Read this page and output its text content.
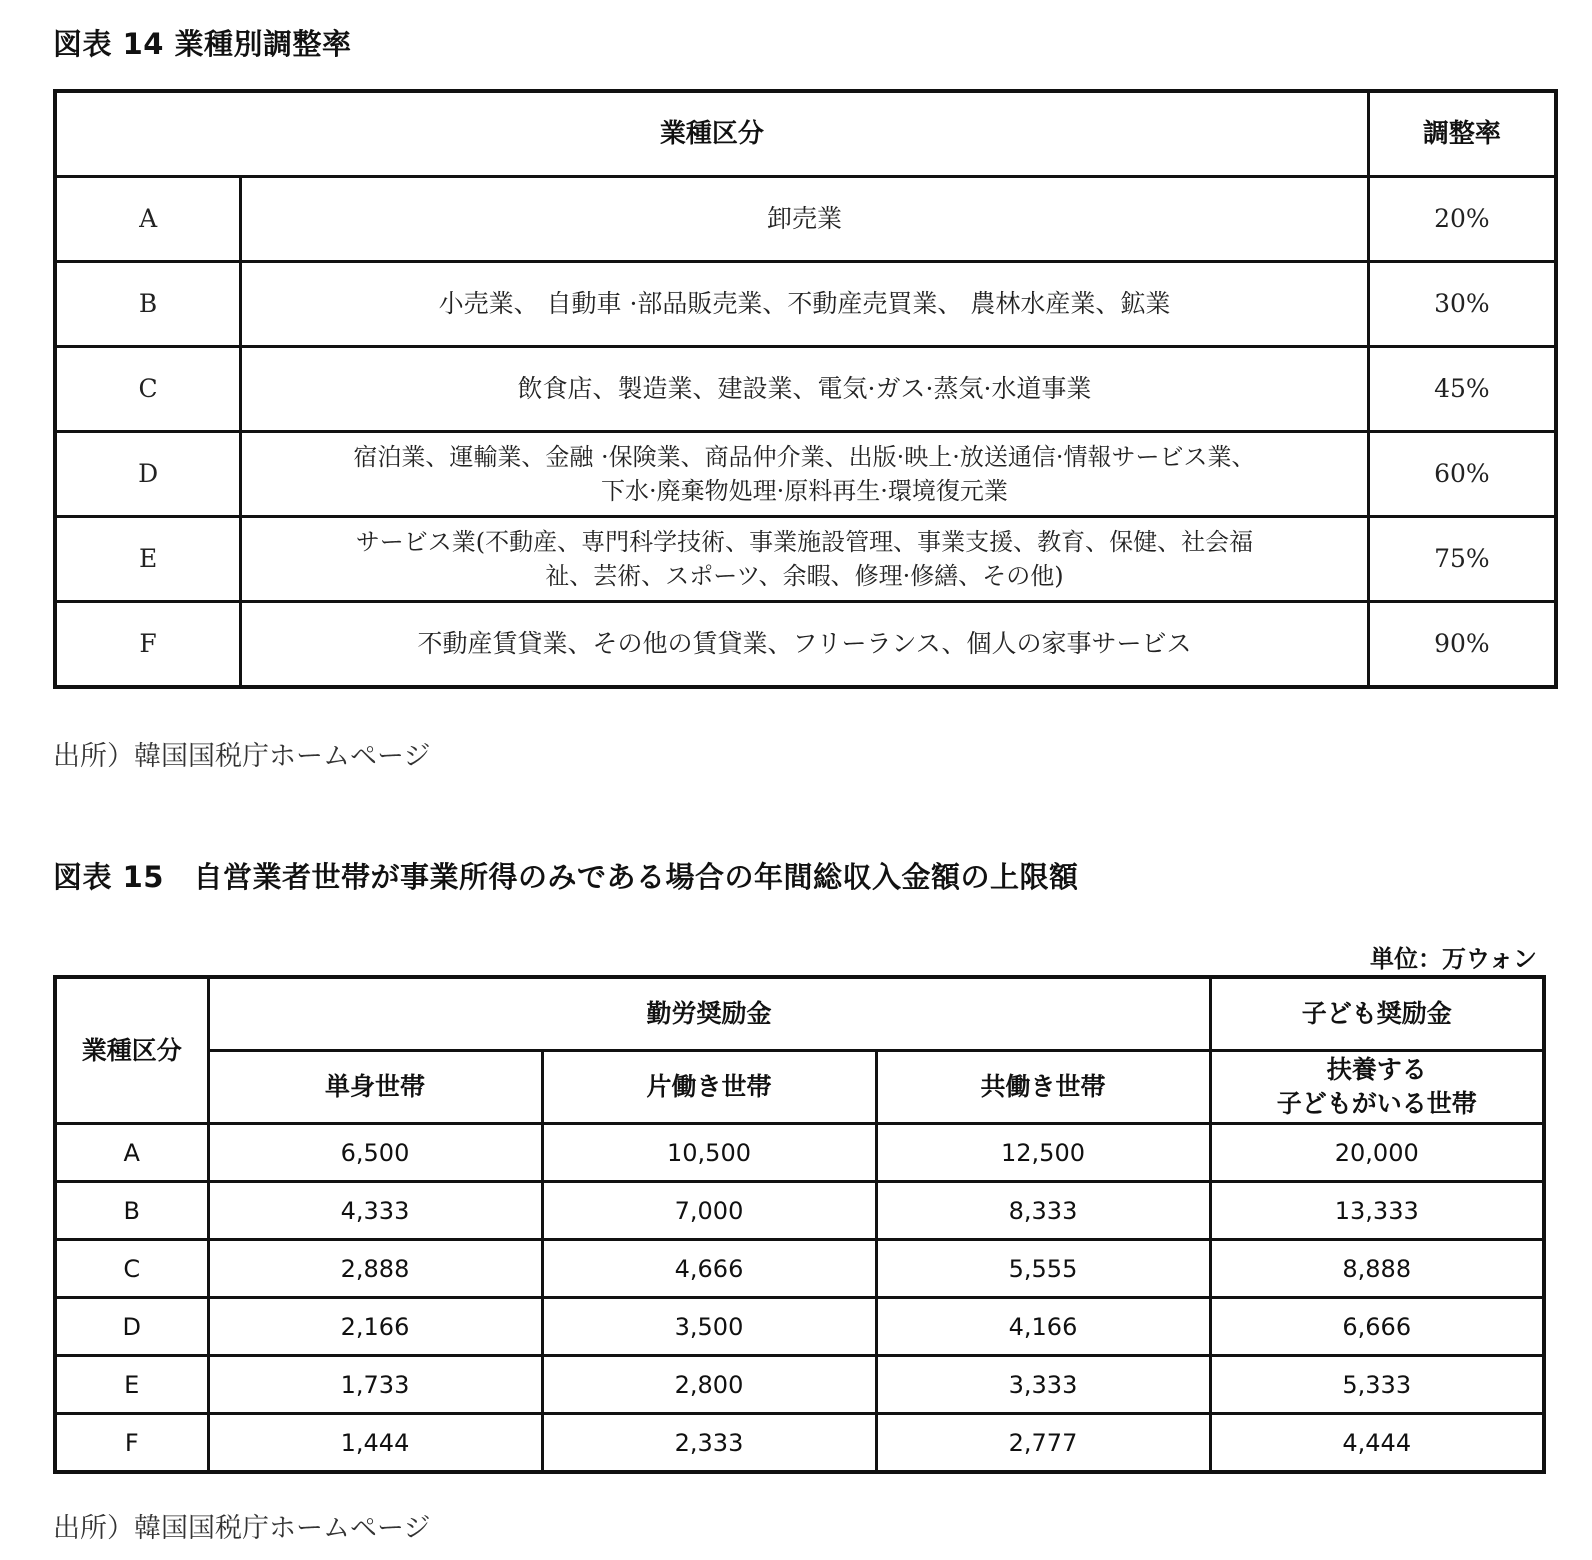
図表 14 業種別調整率
業種区分		調整率
A	卸売業	20%
B	小売業、 自動車 ·部品販売業、不動産売買業、 農林水産業、鉱業	30%
C	飲食店、製造業、建設業、電気·ガス·蒸気·水道事業	45%
D	宿泊業、運輸業、金融 ·保険業、商品仲介業、出版·映上·放送通信·情報サービス業、
下水·廃棄物処理·原料再生·環境復元業	60%
E	サービス業(不動産、専門科学技術、事業施設管理、事業支援、教育、保健、社会福
祉、芸術、スポーツ、余暇、修理·修繕、その他)	75%
F	不動産賃貸業、その他の賃貸業、フリーランス、個人の家事サービス	90%
出所）韓国国税庁ホームページ
図表 15　自営業者世帯が事業所得のみである場合の年間総収入金額の上限額
単位：万ウォン
業種区分	勤労奨励金			子ども奨励金
	単身世帯	片働き世帯	共働き世帯	扶養する
子どもがいる世帯

A	6,500	10,500	12,500	20,000
B	4,333	7,000	8,333	13,333
C	2,888	4,666	5,555	8,888
D	2,166	3,500	4,166	6,666
E	1,733	2,800	3,333	5,333
F	1,444	2,333	2,777	4,444
出所）韓国国税庁ホームページ
